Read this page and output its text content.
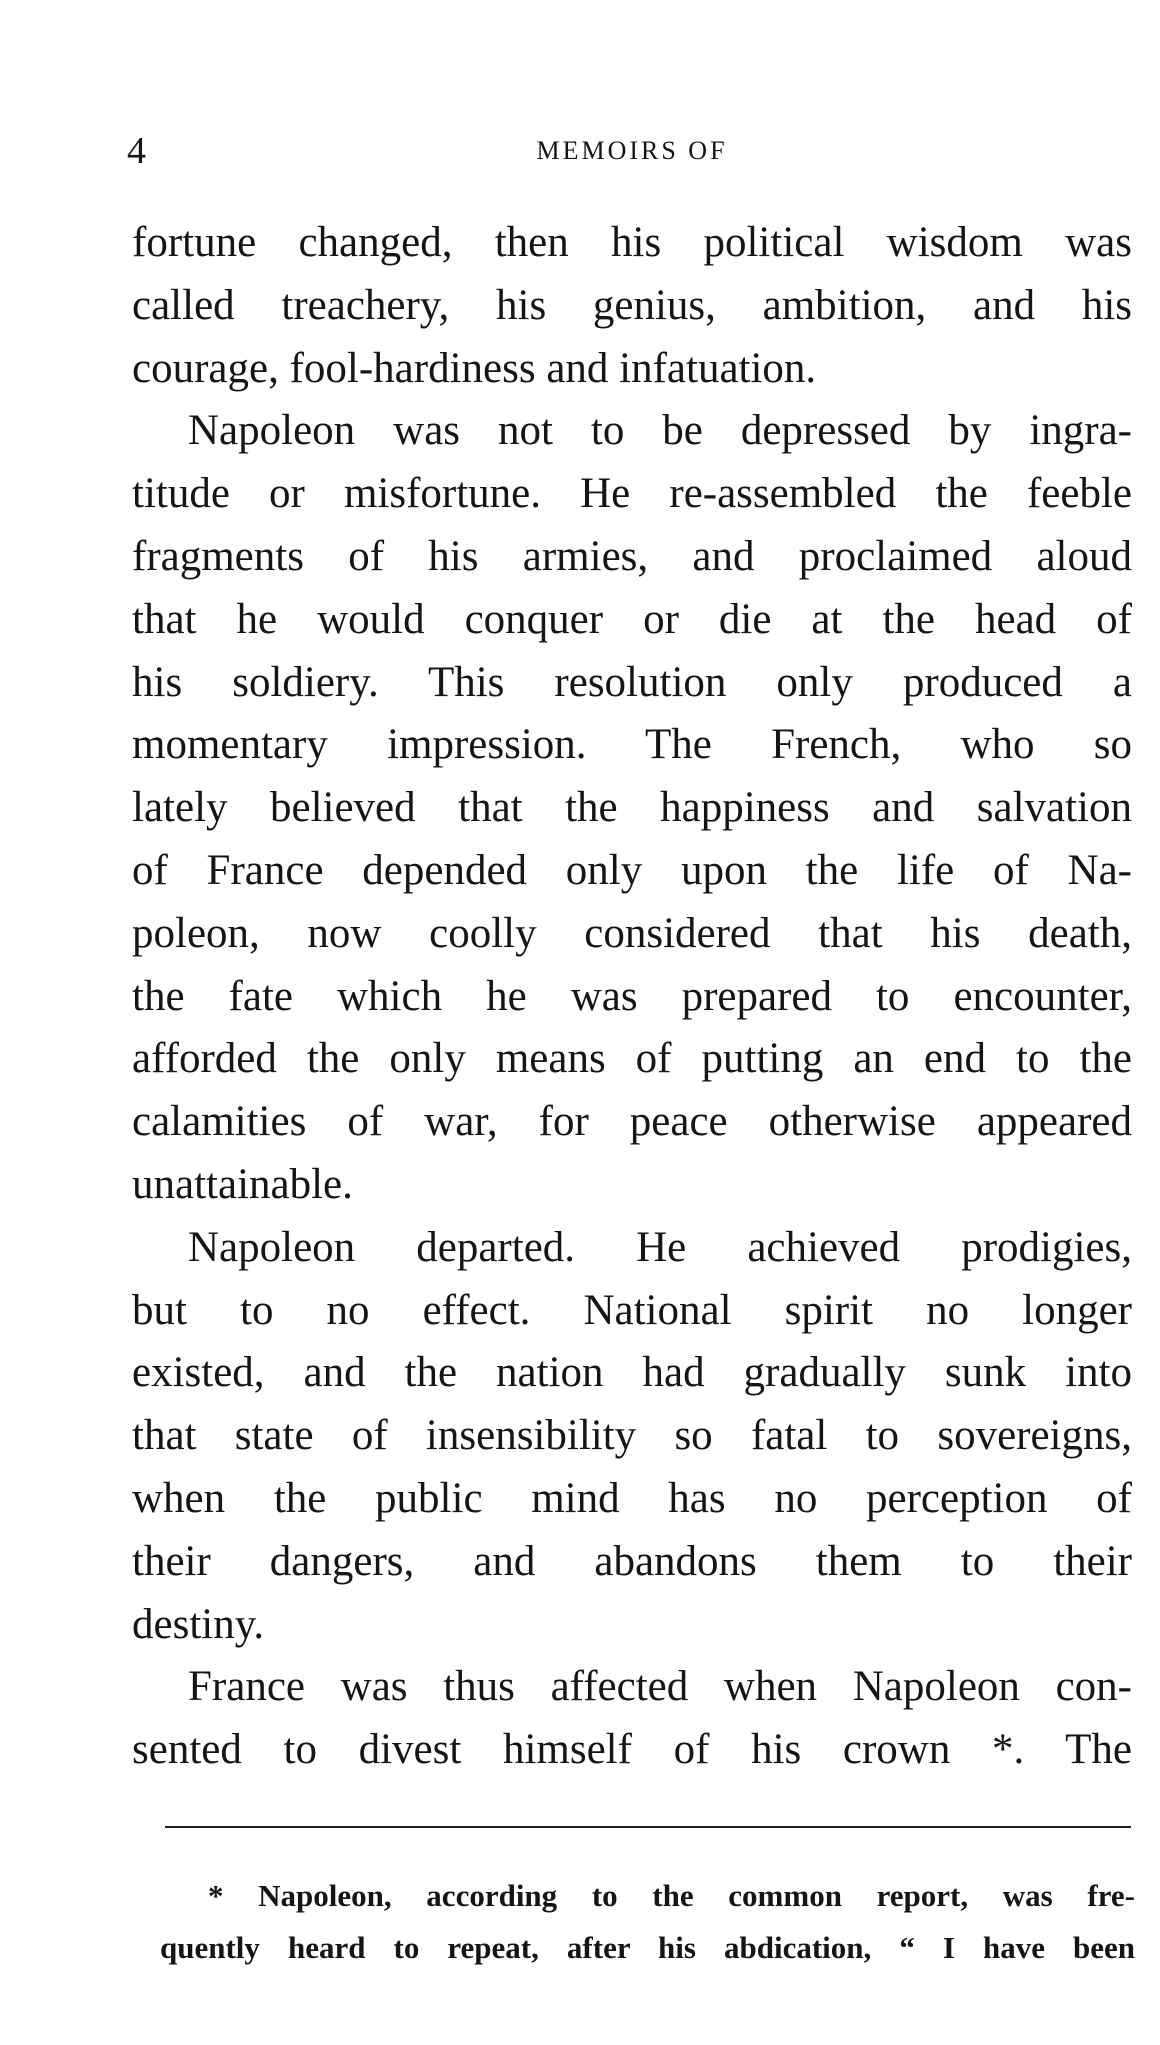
4	MEMOIRS OF
fortune changed, then his political wisdom was
called treachery, his genius, ambition, and his
courage, fool-hardiness and infatuation.
Napoleon was not to be depressed by ingra-
titude or misfortune. He re-assembled the feeble
fragments of his armies, and proclaimed aloud
that he would conquer or die at the head of
his soldiery. This resolution only produced a
momentary impression. The French, who so
lately believed that the happiness and salvation
of France depended only upon the life of Na-
poleon, now coolly considered that his death,
the fate which he was prepared to encounter,
afforded the only means of putting an end to the
calamities of war, for peace otherwise appeared
unattainable.
Napoleon departed. He achieved prodigies,
but to no effect. National spirit no longer
existed, and the nation had gradually sunk into
that state of insensibility so fatal to sovereigns,
when the public mind has no perception of
their dangers, and abandons them to their
destiny.
France was thus affected when Napoleon con-
sented to divest himself of his crown *. The
* Napoleon, according to the common report, was fre-
quently heard to repeat, after his abdication, “ I have been
